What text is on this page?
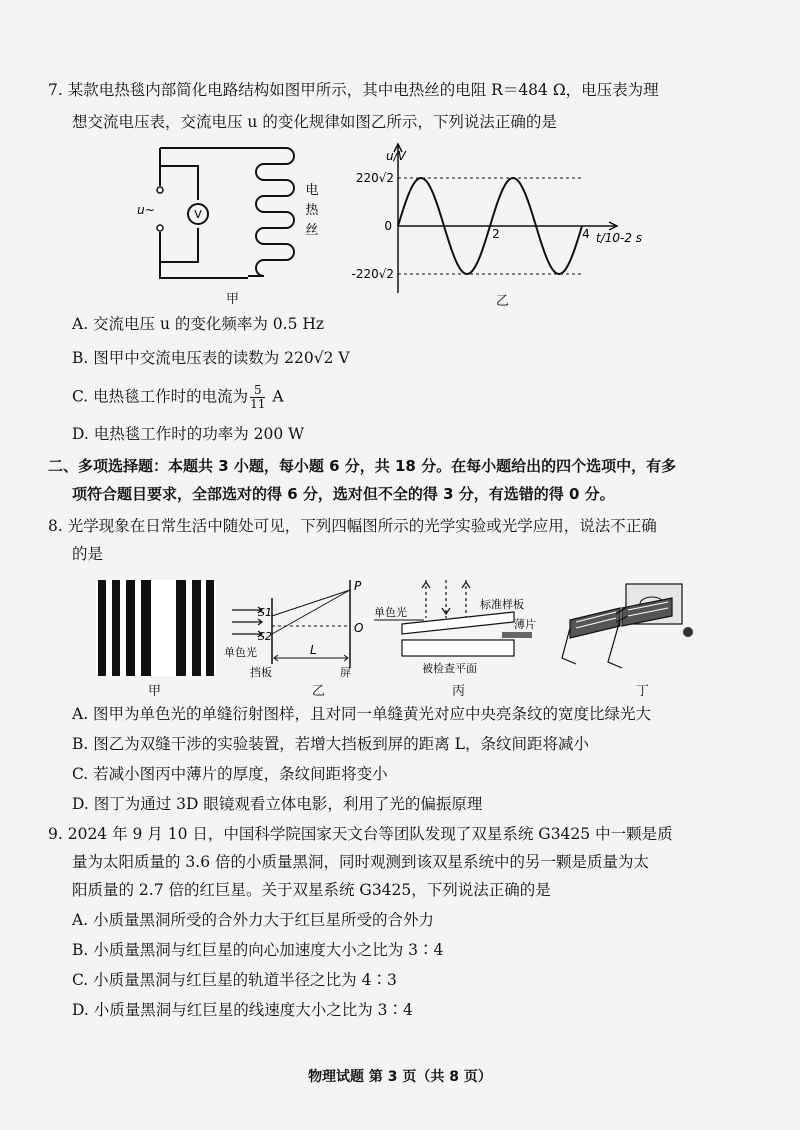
7. 某款电热毯内部简化电路结构如图甲所示，其中电热丝的电阻 R＝484 Ω，电压表为理
想交流电压表，交流电压 u 的变化规律如图乙所示，下列说法正确的是
u~	V
电
热
丝
甲
u/V
220√2
-220√2
0
2	4 t/10-2 s
乙
A. 交流电压 u 的变化频率为 0.5 Hz
B. 图甲中交流电压表的读数为 220√2 V
C. 电热毯工作时的电流为 $\frac{5}{11}$ A
D. 电热毯工作时的功率为 200 W
二、多项选择题：本题共 3 小题，每小题 6 分，共 18 分。在每小题给出的四个选项中，有多
项符合题目要求，全部选对的得 6 分，选对但不全的得 3 分，有选错的得 0 分。
8. 光学现象在日常生活中随处可见，下列四幅图所示的光学实验或光学应用，说法不正确
的是
甲
P
O
S1
S2
单色光	L
挡板	屏
乙
单色光
标准样板
薄片
被检查平面
丙	丁
A. 图甲为单色光的单缝衍射图样，且对同一单缝黄光对应中央亮条纹的宽度比绿光大
B. 图乙为双缝干涉的实验装置，若增大挡板到屏的距离 L，条纹间距将减小
C. 若减小图丙中薄片的厚度，条纹间距将变小
D. 图丁为通过 3D 眼镜观看立体电影，利用了光的偏振原理
9. 2024 年 9 月 10 日，中国科学院国家天文台等团队发现了双星系统 G3425 中一颗是质
量为太阳质量的 3.6 倍的小质量黑洞，同时观测到该双星系统中的另一颗是质量为太
阳质量的 2.7 倍的红巨星。关于双星系统 G3425，下列说法正确的是
A. 小质量黑洞所受的合外力大于红巨星所受的合外力
B. 小质量黑洞与红巨星的向心加速度大小之比为 3∶4
C. 小质量黑洞与红巨星的轨道半径之比为 4∶3
D. 小质量黑洞与红巨星的线速度大小之比为 3∶4
物理试题 第 3 页（共 8 页）
